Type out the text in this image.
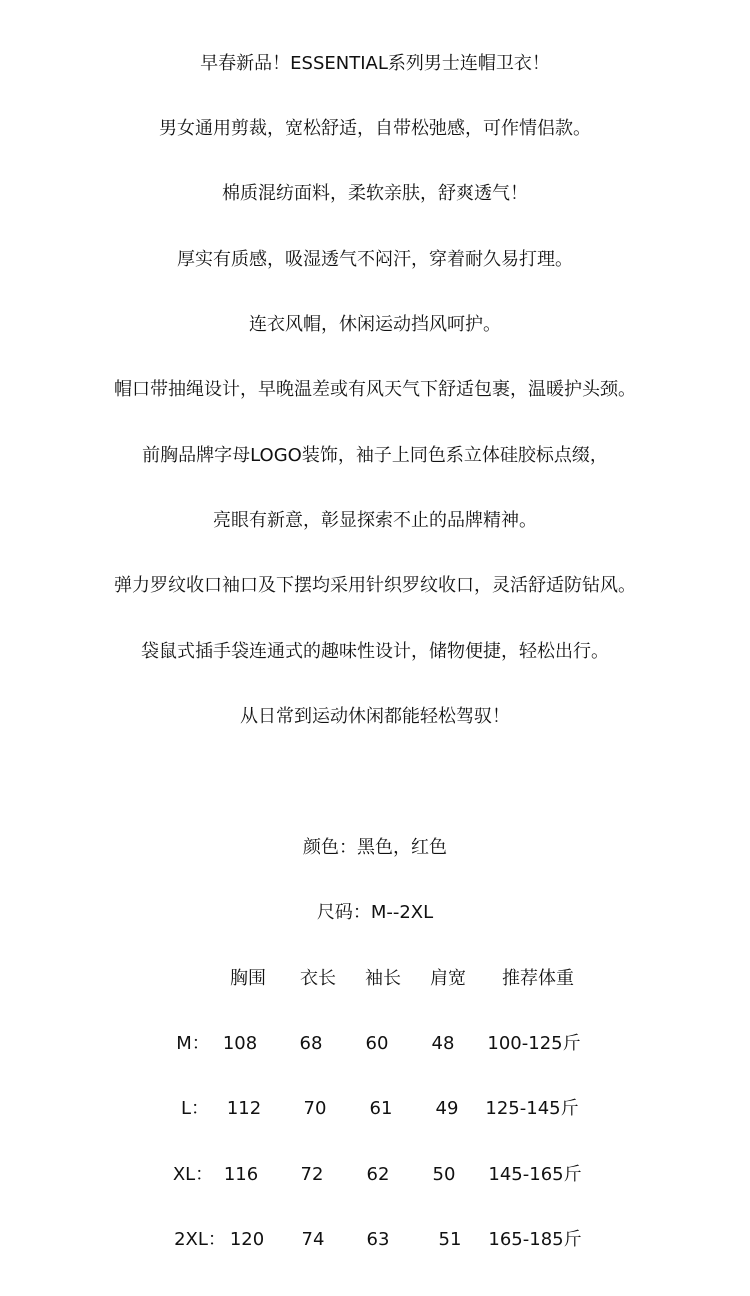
早春新品！ESSENTIAL系列男士连帽卫衣！
男女通用剪裁，宽松舒适，自带松弛感，可作情侣款。
棉质混纺面料，柔软亲肤，舒爽透气！
厚实有质感，吸湿透气不闷汗，穿着耐久易打理。
连衣风帽，休闲运动挡风呵护。
帽口带抽绳设计，早晚温差或有风天气下舒适包裹，温暖护头颈。
前胸品牌字母LOGO装饰，袖子上同色系立体硅胶标点缀，
亮眼有新意，彰显探索不止的品牌精神。
弹力罗纹收口袖口及下摆均采用针织罗纹收口，灵活舒适防钻风。
袋鼠式插手袋连通式的趣味性设计，储物便捷，轻松出行。
从日常到运动休闲都能轻松驾驭！
颜色：黑色，红色
尺码：M--2XL
胸围 衣长 袖长 肩宽 推荐体重
M： 108 68 60 48 100-125斤
L： 112 70 61 49 125-145斤
XL： 116 72 62 50 145-165斤
2XL： 120 74 63	51 165-185斤
